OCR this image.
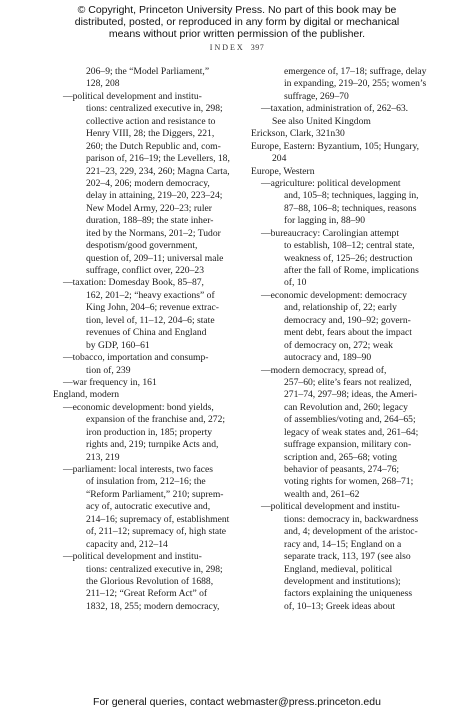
© Copyright, Princeton University Press. No part of this book may be
distributed, posted, or reproduced in any form by digital or mechanical
means without prior written permission of the publisher.
INDEX 397
206–9; the “Model Parliament,”
128, 208
—political development and institu-
tions: centralized executive in, 298;
collective action and resistance to
Henry VIII, 28; the Diggers, 221,
260; the Dutch Republic and, com-
parison of, 216–19; the Levellers, 18,
221–23, 229, 234, 260; Magna Carta,
202–4, 206; modern democracy,
delay in attaining, 219–20, 223–24;
New Model Army, 220–23; ruler
duration, 188–89; the state inher-
ited by the Normans, 201–2; Tudor
despotism/good government,
question of, 209–11; universal male
suffrage, conflict over, 220–23
—taxation: Domesday Book, 85–87,
162, 201–2; “heavy exactions” of
King John, 204–6; revenue extrac-
tion, level of, 11–12, 204–6; state
revenues of China and England
by GDP, 160–61
—tobacco, importation and consump-
tion of, 239
—war frequency in, 161
England, modern
—economic development: bond yields,
expansion of the franchise and, 272;
iron production in, 185; property
rights and, 219; turnpike Acts and,
213, 219
—parliament: local interests, two faces
of insulation from, 212–16; the
“Reform Parliament,” 210; suprem-
acy of, autocratic executive and,
214–16; supremacy of, establishment
of, 211–12; supremacy of, high state
capacity and, 212–14
—political development and institu-
tions: centralized executive in, 298;
the Glorious Revolution of 1688,
211–12; “Great Reform Act” of
1832, 18, 255; modern democracy,
emergence of, 17–18; suffrage, delay
in expanding, 219–20, 255; women’s
suffrage, 269–70
—taxation, administration of, 262–63.
See also United Kingdom
Erickson, Clark, 321n30
Europe, Eastern: Byzantium, 105; Hungary,
204
Europe, Western
—agriculture: political development
and, 105–8; techniques, lagging in,
87–88, 106–8; techniques, reasons
for lagging in, 88–90
—bureaucracy: Carolingian attempt
to establish, 108–12; central state,
weakness of, 125–26; destruction
after the fall of Rome, implications
of, 10
—economic development: democracy
and, relationship of, 22; early
democracy and, 190–92; govern-
ment debt, fears about the impact
of democracy on, 272; weak
autocracy and, 189–90
—modern democracy, spread of,
257–60; elite’s fears not realized,
271–74, 297–98; ideas, the Ameri-
can Revolution and, 260; legacy
of assemblies/voting and, 264–65;
legacy of weak states and, 261–64;
suffrage expansion, military con-
scription and, 265–68; voting
behavior of peasants, 274–76;
voting rights for women, 268–71;
wealth and, 261–62
—political development and institu-
tions: democracy in, backwardness
and, 4; development of the aristoc-
racy and, 14–15; England on a
separate track, 113, 197 (see also
England, medieval, political
development and institutions);
factors explaining the uniqueness
of, 10–13; Greek ideas about
For general queries, contact webmaster@press.princeton.edu
